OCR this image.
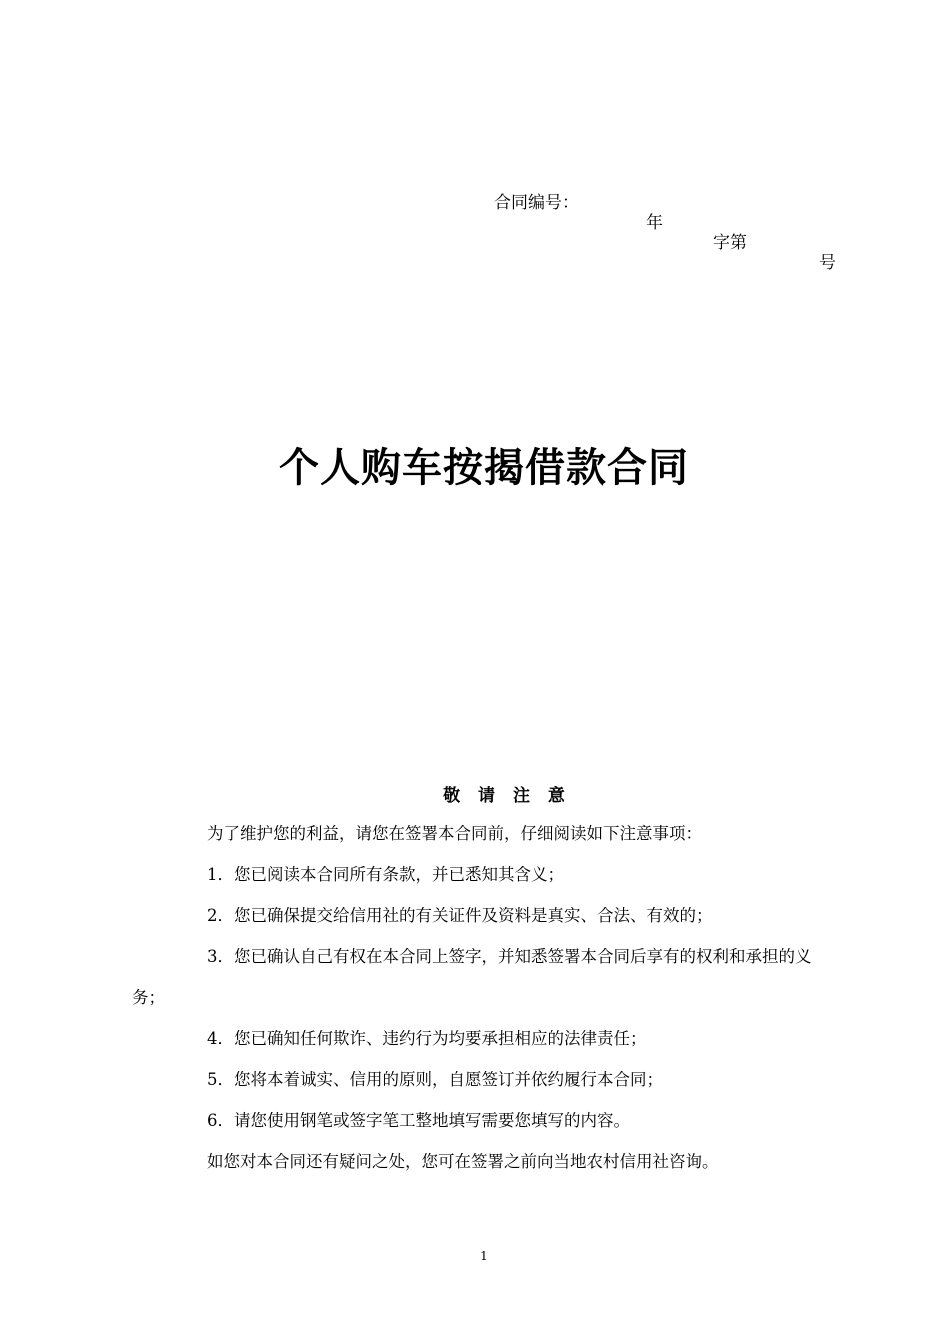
合同编号：

年

字第

号

个人购车按揭借款合同
敬 请 注 意

为了维护您的利益，请您在签署本合同前，仔细阅读如下注意事项：

1．您已阅读本合同所有条款，并已悉知其含义；

2．您已确保提交给信用社的有关证件及资料是真实、合法、有效的；

3．您已确认自己有权在本合同上签字，并知悉签署本合同后享有的权利和承担的义务；

4．您已确知任何欺诈、违约行为均要承担相应的法律责任；

5．您将本着诚实、信用的原则，自愿签订并依约履行本合同；

6．请您使用钢笔或签字笔工整地填写需要您填写的内容。

如您对本合同还有疑问之处，您可在签署之前向当地农村信用社咨询。

1
